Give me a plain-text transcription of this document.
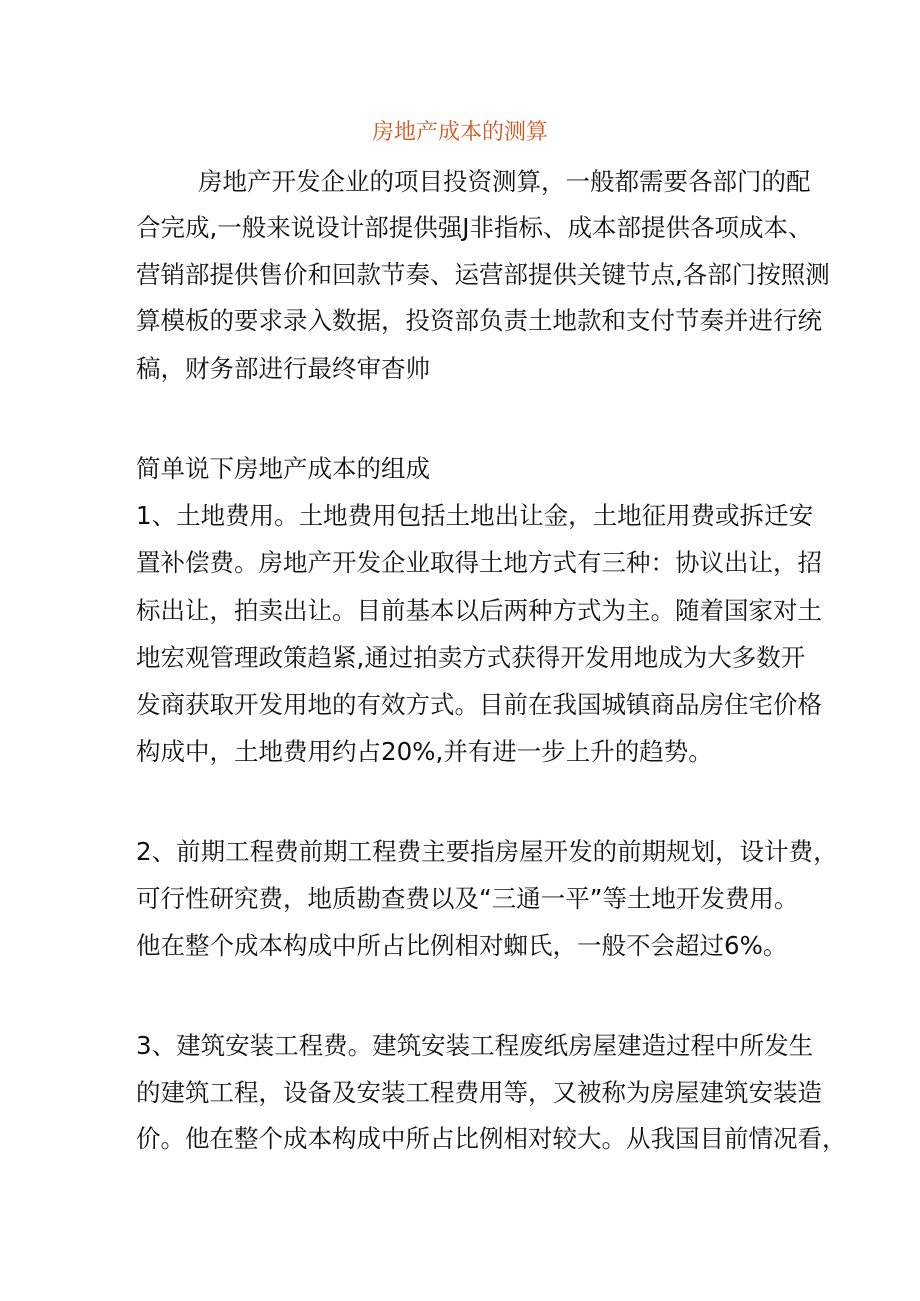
房地产成本的测算
房地产开发企业的项目投资测算，一般都需要各部门的配
合完成,一般来说设计部提供强J非指标、成本部提供各项成本、
营销部提供售价和回款节奏、运营部提供关键节点,各部门按照测
算模板的要求录入数据，投资部负责土地款和支付节奏并进行统
稿，财务部进行最终审杳帅
简单说下房地产成本的组成
1、土地费用。土地费用包括土地出让金，土地征用费或拆迁安
置补偿费。房地产开发企业取得土地方式有三种：协议出让，招
标出让，拍卖出让。目前基本以后两种方式为主。随着国家对土
地宏观管理政策趋紧,通过拍卖方式获得开发用地成为大多数开
发商获取开发用地的有效方式。目前在我国城镇商品房住宅价格
构成中，土地费用约占20%,并有进一步上升的趋势。
2、前期工程费前期工程费主要指房屋开发的前期规划，设计费，
可行性研究费，地质勘查费以及“三通一平”等土地开发费用。
他在整个成本构成中所占比例相对蜘氏，一般不会超过6%。
3、建筑安装工程费。建筑安装工程废纸房屋建造过程中所发生
的建筑工程，设备及安装工程费用等，又被称为房屋建筑安装造
价。他在整个成本构成中所占比例相对较大。从我国目前情况看，
